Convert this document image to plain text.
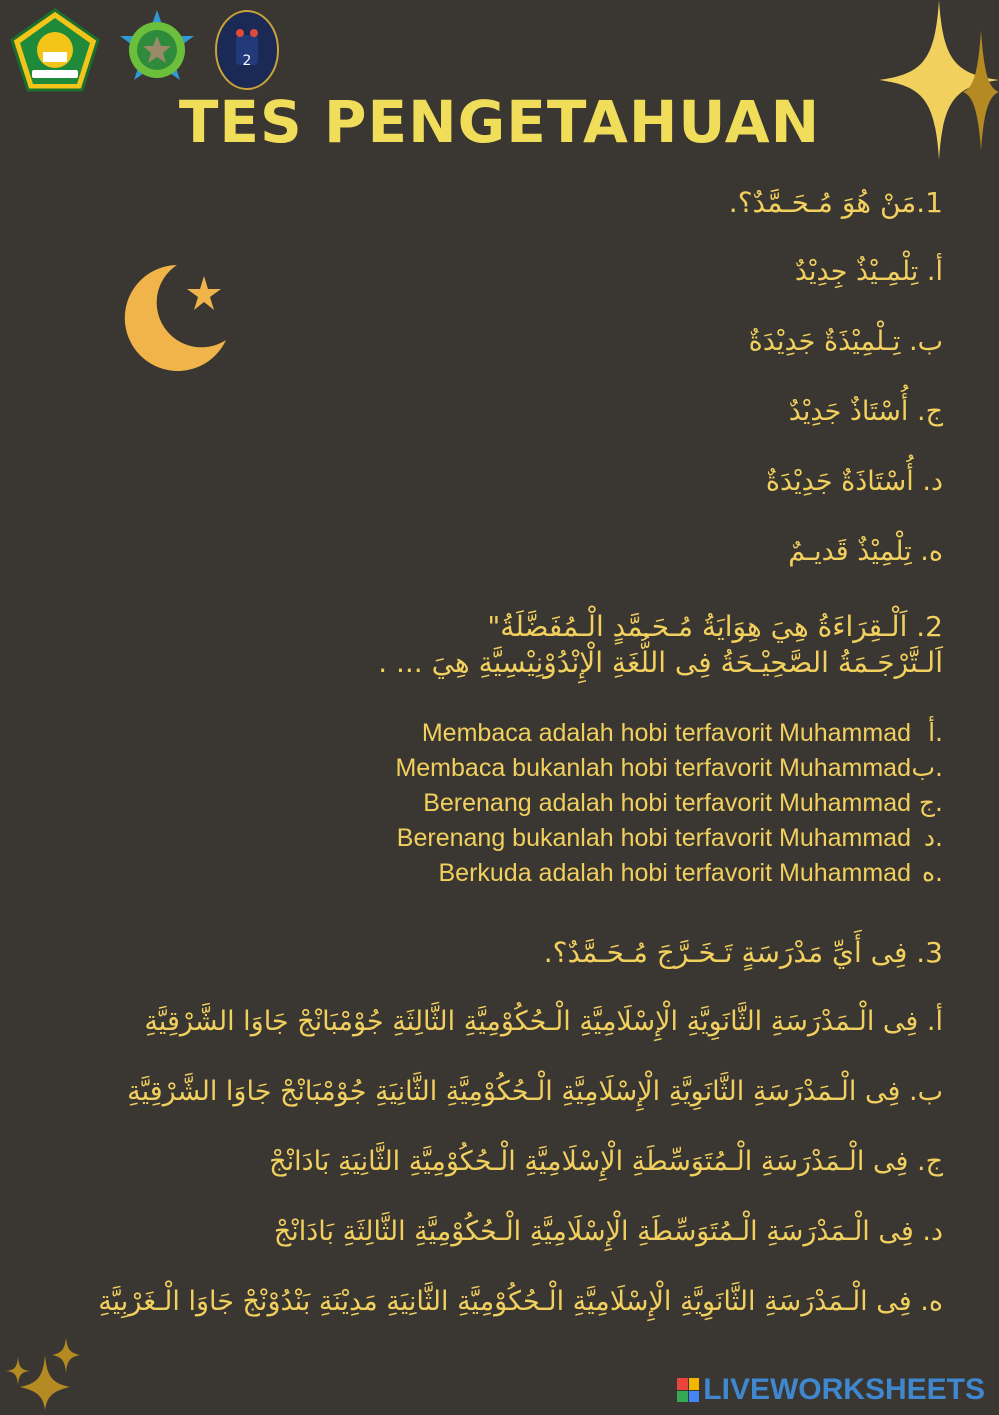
2
TES PENGETAHUAN
1.مَنْ هُوَ مُـحَـمَّدٌ؟.
أ. تِلْمِـيْذٌ جِدِيْدٌ
ب. تِـلْمِيْذَةٌ جَدِيْدَةٌ
ج. أُسْتَاذٌ جَدِيْدٌ
د. أُسْتَاذَةٌ جَدِيْدَةٌ
ه. تِلْمِيْذٌ قَديـمٌ
2. اَلْـقِرَاءَةُ هِيَ هِوَايَةُ مُـحَـمَّدٍ الْـمُفَضَّلَةُ"
اَلـتَّرْجَـمَةُ الصَّحِيْـحَةُ فِى اللُّغَةِ الْإِنْدُوْنِيْسِيَّةِ هِيَ ... .
Membaca adalah hobi terfavorit Muhammad أ.
Membaca bukanlah hobi terfavorit Muhammadب.
Berenang adalah hobi terfavorit Muhammad ج.
Berenang bukanlah hobi terfavorit Muhammad د.
Berkuda adalah hobi terfavorit Muhammad ه.
3. فِى أَيِّ مَدْرَسَةٍ تَـخَـرَّجَ مُـحَـمَّدٌ؟.
أ. فِى الْـمَدْرَسَةِ الثَّانَوِيَّةِ الْإِسْلَامِيَّةِ الْـحُكُوْمِيَّةِ الثَّالِثَةِ جُوْمْبَانْجْ جَاوَا الشَّرْقِيَّةِ
ب. فِى الْـمَدْرَسَةِ الثَّانَوِيَّةِ الْإِسْلَامِيَّةِ الْـحُكُوْمِيَّةِ الثَّانِيَةِ جُوْمْبَانْجْ جَاوَا الشَّرْقِيَّةِ
ج. فِى الْـمَدْرَسَةِ الْـمُتَوَسِّطَةِ الْإِسْلَامِيَّةِ الْـحُكُوْمِيَّةِ الثَّانِيَةِ بَادَانْجْ
د. فِى الْـمَدْرَسَةِ الْـمُتَوَسِّطَةِ الْإِسْلَامِيَّةِ الْـحُكُوْمِيَّةِ الثَّالِثَةِ بَادَانْجْ
ه. فِى الْـمَدْرَسَةِ الثَّانَوِيَّةِ الْإِسْلَامِيَّةِ الْـحُكُوْمِيَّةِ الثَّانِيَةِ مَدِيْنَةِ بَنْدُوْنْجْ جَاوَا الْـغَرْبِيَّةِ
LIVEWORKSHEETS
